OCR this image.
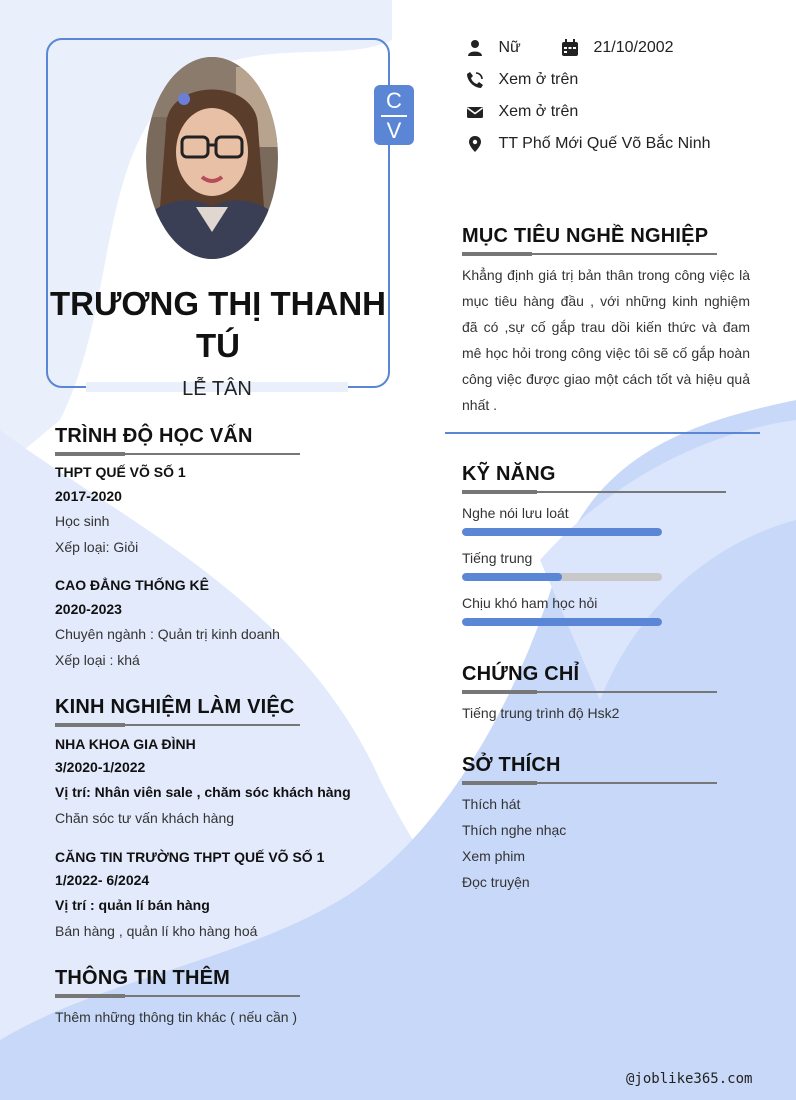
C
V
TRƯƠNG THỊ THANH TÚ
LỄ TÂN
Nữ	21/10/2002
Xem ở trên
Xem ở trên
TT Phố Mới Quế Võ Bắc Ninh
MỤC TIÊU NGHỀ NGHIỆP
Khẳng định giá trị bản thân trong công việc là mục tiêu hàng đầu , với những kinh nghiệm đã có ,sự cố gắp trau dồi kiến thức và đam mê học hỏi trong công việc tôi sẽ cố gắp hoàn công việc được giao một cách tốt và hiệu quả nhất .
TRÌNH ĐỘ HỌC VẤN
THPT QUẾ VÕ SỐ 1
2017-2020
Học sinh
Xếp loại: Giỏi
CAO ĐẲNG THỐNG KÊ
2020-2023
Chuyên ngành : Quản trị kinh doanh
Xếp loại : khá
KINH NGHIỆM LÀM VIỆC
NHA KHOA GIA ĐÌNH
3/2020-1/2022
Vị trí: Nhân viên sale , chăm sóc khách hàng
Chăn sóc tư vấn khách hàng
CĂNG TIN TRƯỜNG THPT QUẾ VÕ SỐ 1
1/2022- 6/2024
Vị trí : quản lí bán hàng
Bán hàng , quản lí kho hàng hoá
THÔNG TIN THÊM
Thêm những thông tin khác ( nếu cần )
KỸ NĂNG
Nghe nói lưu loát
Tiếng trung
Chịu khó ham học hỏi
CHỨNG CHỈ
Tiếng trung trình độ Hsk2
SỞ THÍCH
Thích hát
Thích nghe nhạc
Xem phim
Đọc truyện
@joblike365.com
